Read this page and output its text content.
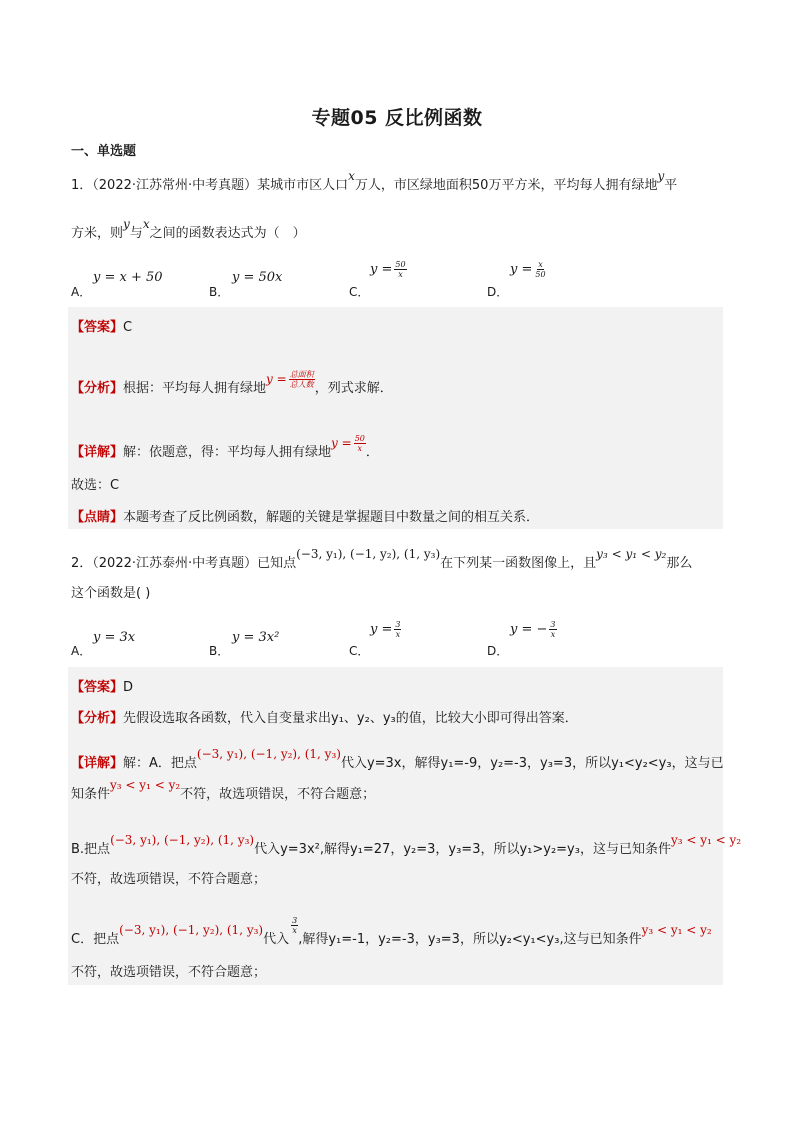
专题05 反比例函数
一、单选题
1．（2022·江苏常州·中考真题）某城市市区人口x万人，市区绿地面积50万平方米，平均每人拥有绿地y平
方米，则y与x之间的函数表达式为（　）
A．
y = x + 50
B．
y = 50x
C．
$y = \frac{50}{x}$
D．
$y = \frac{x}{50}$
【答案】C
【分析】根据：平均每人拥有绿地$y = \frac{\text{总面积}}{\text{总人数}}$ ，列式求解．
【详解】解：依题意，得：平均每人拥有绿地$y = \frac{50}{x}$ ．
故选：C
【点睛】本题考查了反比例函数，解题的关键是掌握题目中数量之间的相互关系．
2．（2022·江苏泰州·中考真题）已知点(−3, y₁), (−1, y₂), (1, y₃)在下列某一函数图像上，且y₃ < y₁ < y₂那么
这个函数是( )
A．
y = 3x
B．
y = 3x²
C．
$y = \frac{3}{x}$
D．
y = − $\frac{3}{x}$
【答案】D
【分析】先假设选取各函数，代入自变量求出y₁、y₂、y₃的值，比较大小即可得出答案．
【详解】解：A．把点(−3, y₁), (−1, y₂), (1, y₃)代入y=3x，解得y₁=-9，y₂=-3，y₃=3，所以y₁<y₂<y₃，这与已
知条件y₃ < y₁ < y₂不符，故选项错误，不符合题意；
B.把点(−3, y₁), (−1, y₂), (1, y₃)代入y=3x²,解得y₁=27，y₂=3，y₃=3，所以y₁>y₂=y₃，这与已知条件y₃ < y₁ < y₂
不符，故选项错误，不符合题意；
C．把点(−3, y₁), (−1, y₂), (1, y₃)代入
$\frac{3}{x}$
,解得y₁=-1，y₂=-3，y₃=3，所以y₂<y₁<y₃,这与已知条件y₃ < y₁ < y₂
不符，故选项错误，不符合题意；
